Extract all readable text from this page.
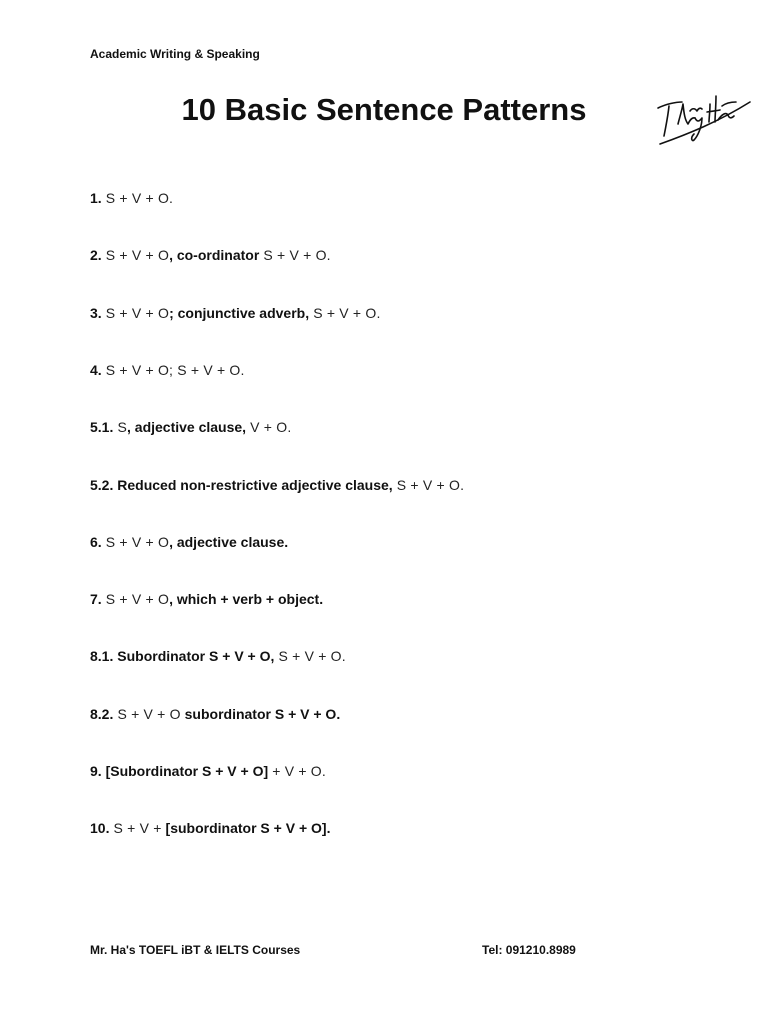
Academic Writing & Speaking
10 Basic Sentence Patterns
1. S + V + O.
2. S + V + O, co-ordinator S + V + O.
3. S + V + O; conjunctive adverb, S + V + O.
4. S + V + O; S + V + O.
5.1. S, adjective clause, V + O.
5.2. Reduced non-restrictive adjective clause, S + V + O.
6. S + V + O, adjective clause.
7. S + V + O, which + verb + object.
8.1. Subordinator S + V + O, S + V + O.
8.2. S + V + O subordinator S + V + O.
9. [Subordinator S + V + O] + V + O.
10. S + V + [subordinator S + V + O].
Mr. Ha's TOEFL iBT & IELTS Courses	Tel: 091210.8989
